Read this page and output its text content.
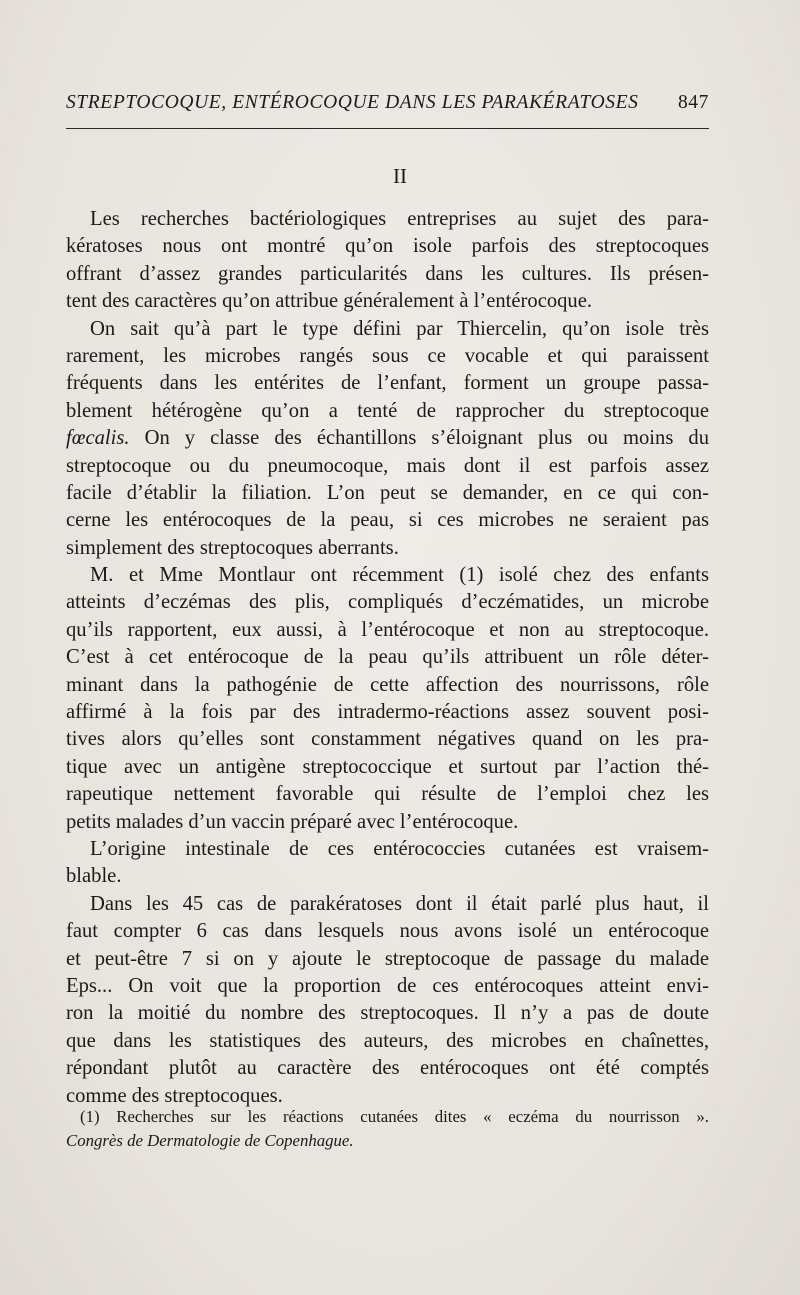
STREPTOCOQUE, ENTÉROCOQUE DANS LES PARAKÉRATOSES 847
II
Les recherches bactériologiques entreprises au sujet des para-
kératoses nous ont montré qu’on isole parfois des streptocoques
offrant d’assez grandes particularités dans les cultures. Ils présen-
tent des caractères qu’on attribue généralement à l’entérocoque.
On sait qu’à part le type défini par Thiercelin, qu’on isole très
rarement, les microbes rangés sous ce vocable et qui paraissent
fréquents dans les entérites de l’enfant, forment un groupe passa-
blement hétérogène qu’on a tenté de rapprocher du streptocoque
fœcalis. On y classe des échantillons s’éloignant plus ou moins du
streptocoque ou du pneumocoque, mais dont il est parfois assez
facile d’établir la filiation. L’on peut se demander, en ce qui con-
cerne les entérocoques de la peau, si ces microbes ne seraient pas
simplement des streptocoques aberrants.
M. et Mme Montlaur ont récemment (1) isolé chez des enfants
atteints d’eczémas des plis, compliqués d’eczématides, un microbe
qu’ils rapportent, eux aussi, à l’entérocoque et non au streptocoque.
C’est à cet entérocoque de la peau qu’ils attribuent un rôle déter-
minant dans la pathogénie de cette affection des nourrissons, rôle
affirmé à la fois par des intradermo-réactions assez souvent posi-
tives alors qu’elles sont constamment négatives quand on les pra-
tique avec un antigène streptococcique et surtout par l’action thé-
rapeutique nettement favorable qui résulte de l’emploi chez les
petits malades d’un vaccin préparé avec l’entérocoque.
L’origine intestinale de ces entérococcies cutanées est vraisem-
blable.
Dans les 45 cas de parakératoses dont il était parlé plus haut, il
faut compter 6 cas dans lesquels nous avons isolé un entérocoque
et peut-être 7 si on y ajoute le streptocoque de passage du malade
Eps... On voit que la proportion de ces entérocoques atteint envi-
ron la moitié du nombre des streptocoques. Il n’y a pas de doute
que dans les statistiques des auteurs, des microbes en chaînettes,
répondant plutôt au caractère des entérocoques ont été comptés
comme des streptocoques.
(1) Recherches sur les réactions cutanées dites « eczéma du nourrisson ».
Congrès de Dermatologie de Copenhague.
